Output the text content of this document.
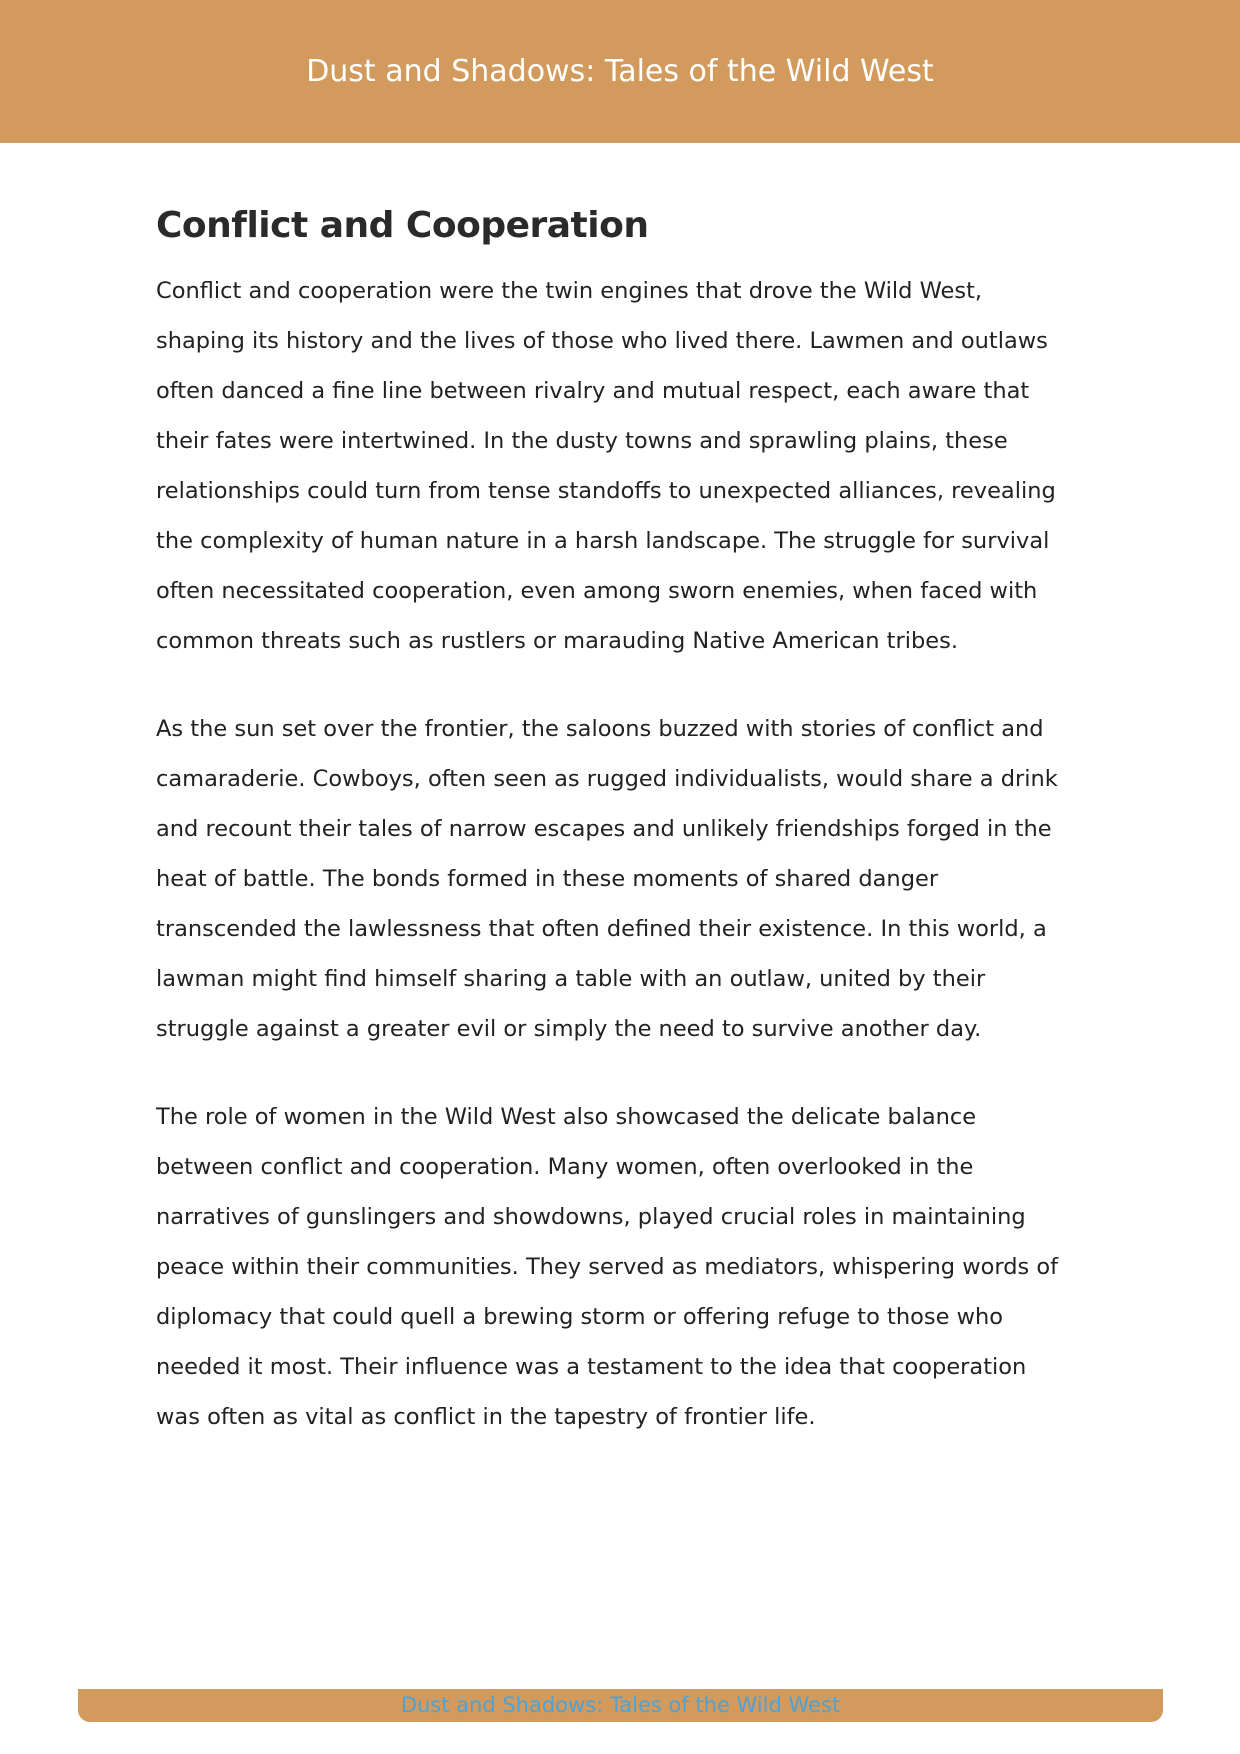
Dust and Shadows: Tales of the Wild West
Conflict and Cooperation

Conflict and cooperation were the twin engines that drove the Wild West, shaping its history and the lives of those who lived there. Lawmen and outlaws often danced a fine line between rivalry and mutual respect, each aware that their fates were intertwined. In the dusty towns and sprawling plains, these relationships could turn from tense standoffs to unexpected alliances, revealing the complexity of human nature in a harsh landscape. The struggle for survival often necessitated cooperation, even among sworn enemies, when faced with common threats such as rustlers or marauding Native American tribes.

As the sun set over the frontier, the saloons buzzed with stories of conflict and camaraderie. Cowboys, often seen as rugged individualists, would share a drink and recount their tales of narrow escapes and unlikely friendships forged in the heat of battle. The bonds formed in these moments of shared danger transcended the lawlessness that often defined their existence. In this world, a lawman might find himself sharing a table with an outlaw, united by their struggle against a greater evil or simply the need to survive another day.

The role of women in the Wild West also showcased the delicate balance between conflict and cooperation. Many women, often overlooked in the narratives of gunslingers and showdowns, played crucial roles in maintaining peace within their communities. They served as mediators, whispering words of diplomacy that could quell a brewing storm or offering refuge to those who needed it most. Their influence was a testament to the idea that cooperation was often as vital as conflict in the tapestry of frontier life.

Dust and Shadows: Tales of the Wild West
